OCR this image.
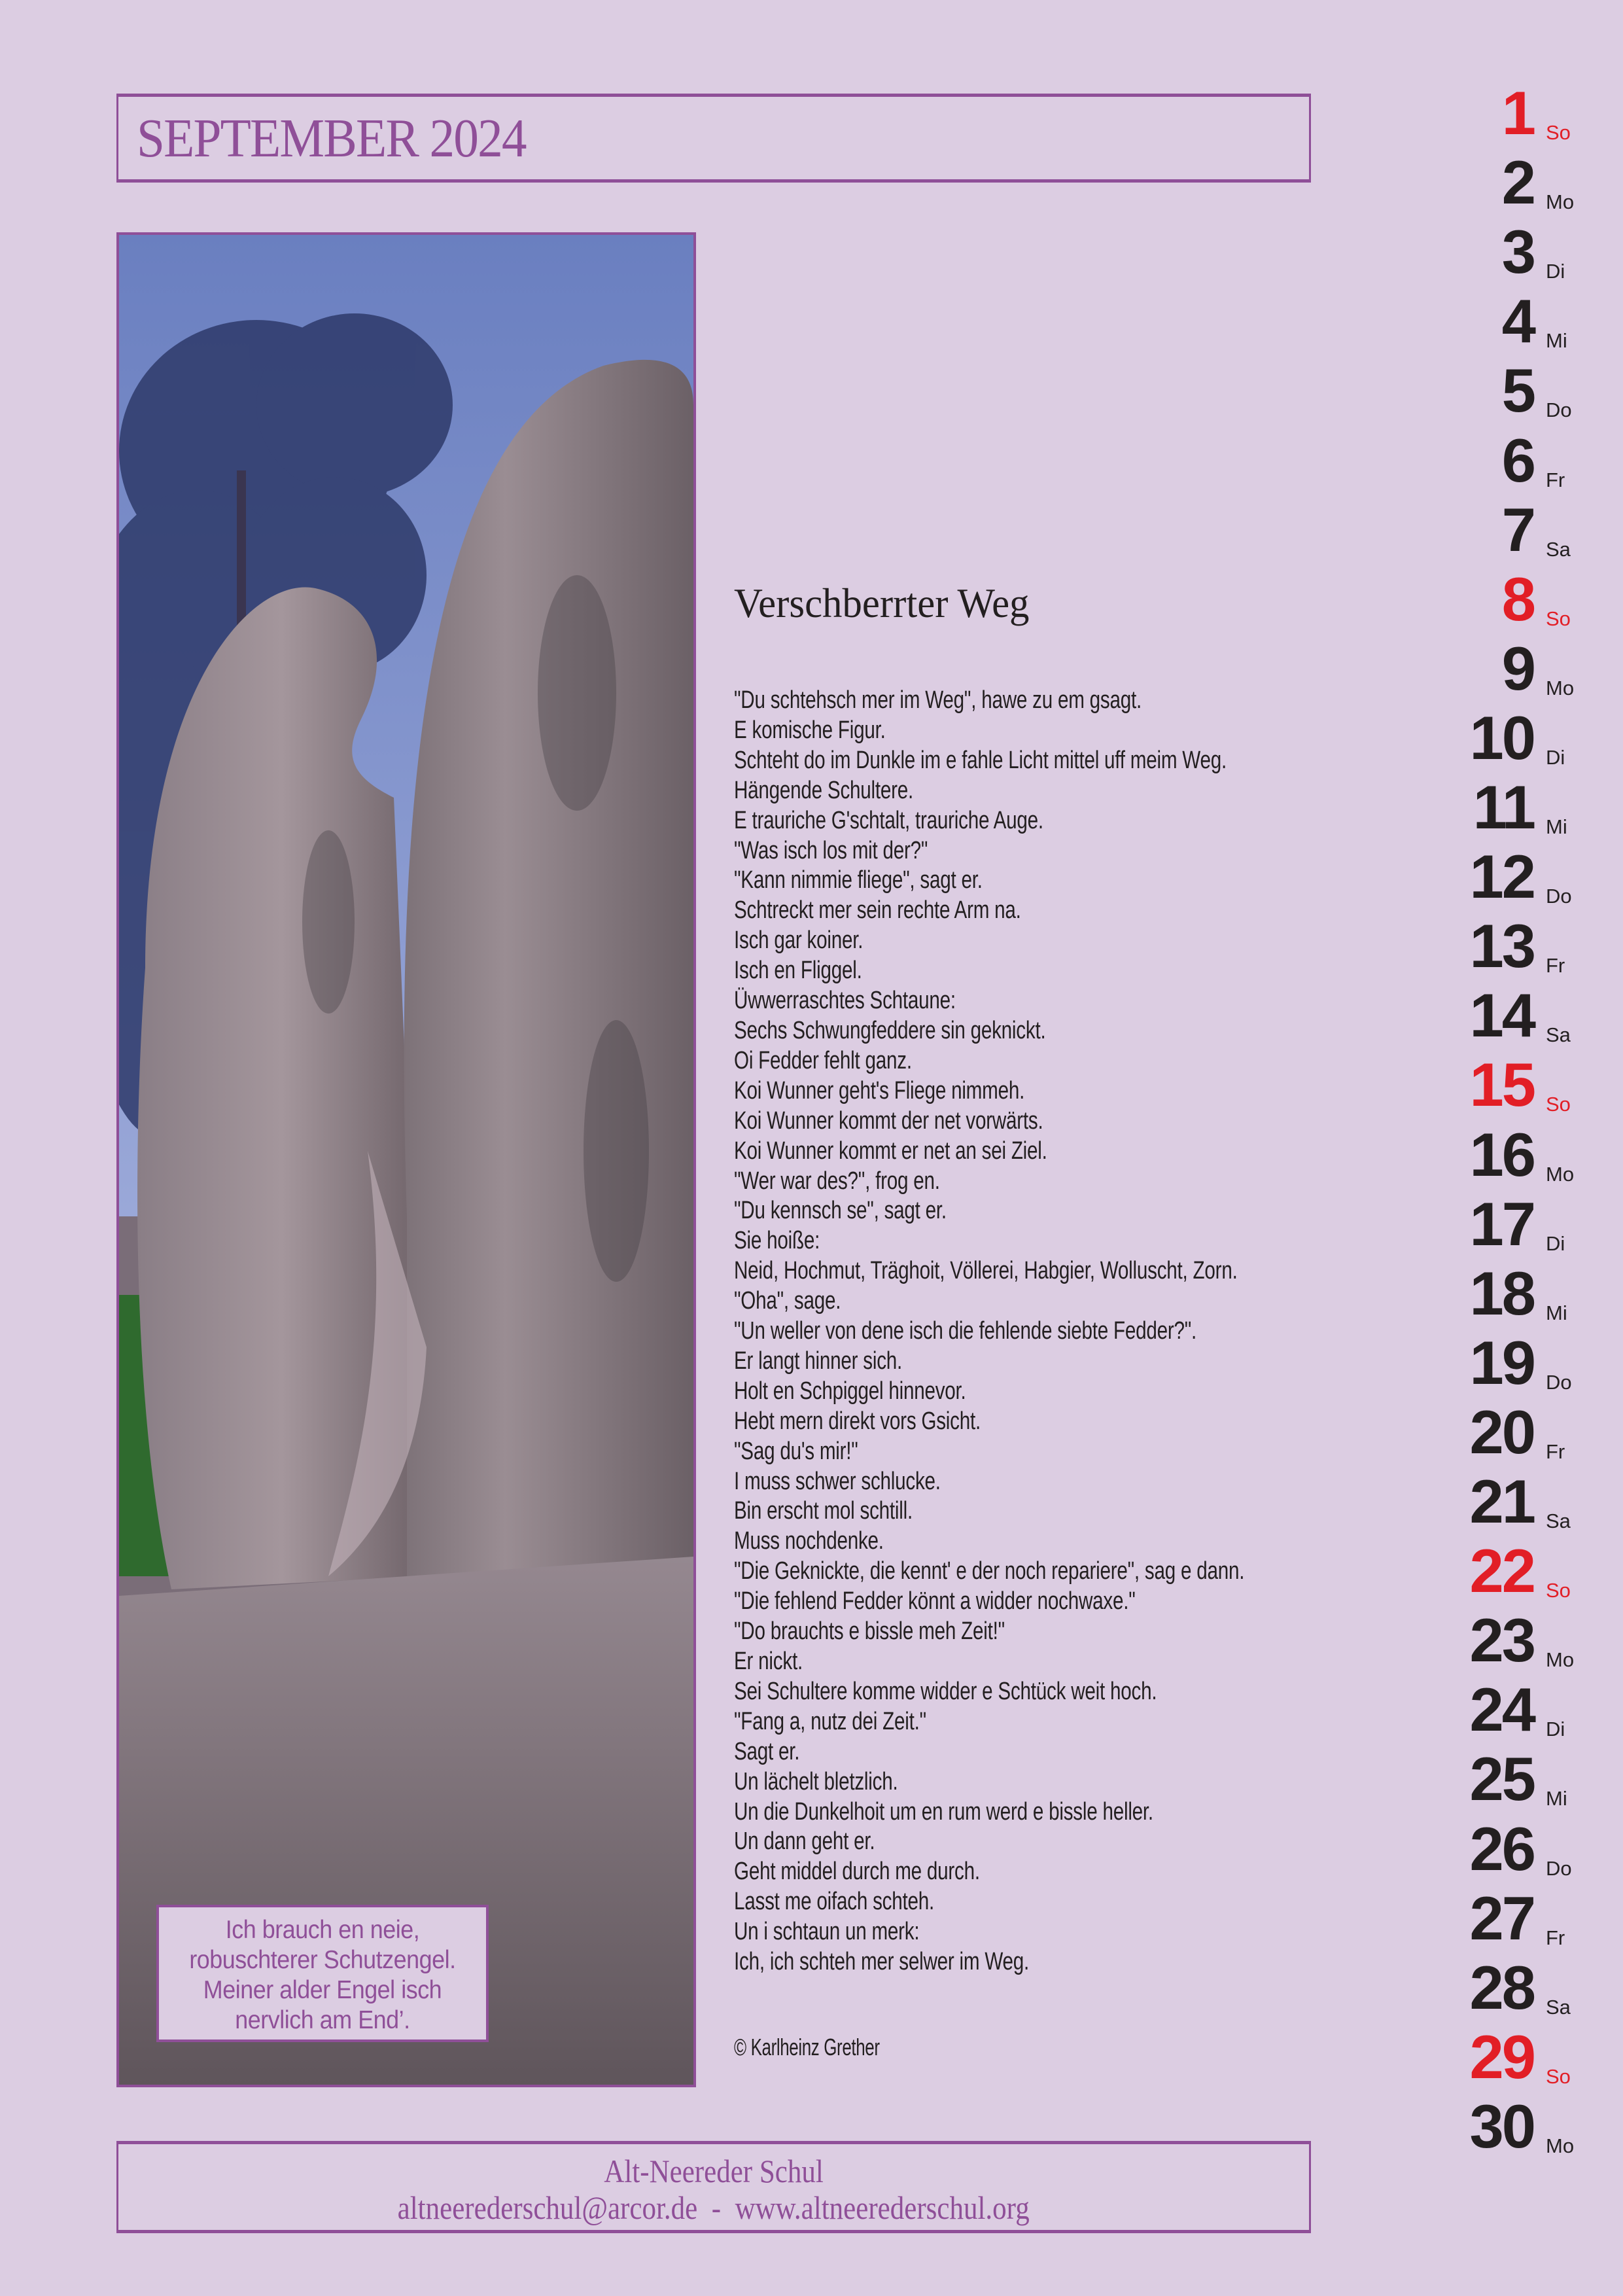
SEPTEMBER 2024
Ich brauch en neie,
robuschterer Schutzengel.
Meiner alder Engel isch
nervlich am End’.
Verschberrter Weg
"Du schtehsch mer im Weg", hawe zu em gsagt.
E komische Figur.
Schteht do im Dunkle im e fahle Licht mittel uff meim Weg.
Hängende Schultere.
E trauriche G'schtalt, trauriche Auge.
"Was isch los mit der?"
"Kann nimmie fliege", sagt er.
Schtreckt mer sein rechte Arm na.
Isch gar koiner.
Isch en Fliggel.
Üwwerraschtes Schtaune:
Sechs Schwungfeddere sin geknickt.
Oi Fedder fehlt ganz.
Koi Wunner geht's Fliege nimmeh.
Koi Wunner kommt der net vorwärts.
Koi Wunner kommt er net an sei Ziel.
"Wer war des?", frog en.
"Du kennsch se", sagt er.
Sie hoiße:
Neid, Hochmut, Träghoit, Völlerei, Habgier, Wolluscht, Zorn.
"Oha", sage.
"Un weller von dene isch die fehlende siebte Fedder?".
Er langt hinner sich.
Holt en Schpiggel hinnevor.
Hebt mern direkt vors Gsicht.
"Sag du's mir!"
I muss schwer schlucke.
Bin erscht mol schtill.
Muss nochdenke.
"Die Geknickte, die kennt' e der noch repariere", sag e dann.
"Die fehlend Fedder könnt a widder nochwaxe."
"Do brauchts e bissle meh Zeit!"
Er nickt.
Sei Schultere komme widder e Schtück weit hoch.
"Fang a, nutz dei Zeit."
Sagt er.
Un lächelt bletzlich.
Un die Dunkelhoit um en rum werd e bissle heller.
Un dann geht er.
Geht middel durch me durch.
Lasst me oifach schteh.
Un i schtaun un merk:
Ich, ich schteh mer selwer im Weg.
© Karlheinz Grether
1 So
2 Mo
3 Di
4 Mi
5 Do
6 Fr
7 Sa
8 So
9 Mo
10 Di
11 Mi
12 Do
13 Fr
14 Sa
15 So
16 Mo
17 Di
18 Mi
19 Do
20 Fr
21 Sa
22 So
23 Mo
24 Di
25 Mi
26 Do
27 Fr
28 Sa
29 So
30 Mo
Alt-Neereder Schul
altneerederschul@arcor.de - www.altneerederschul.org
